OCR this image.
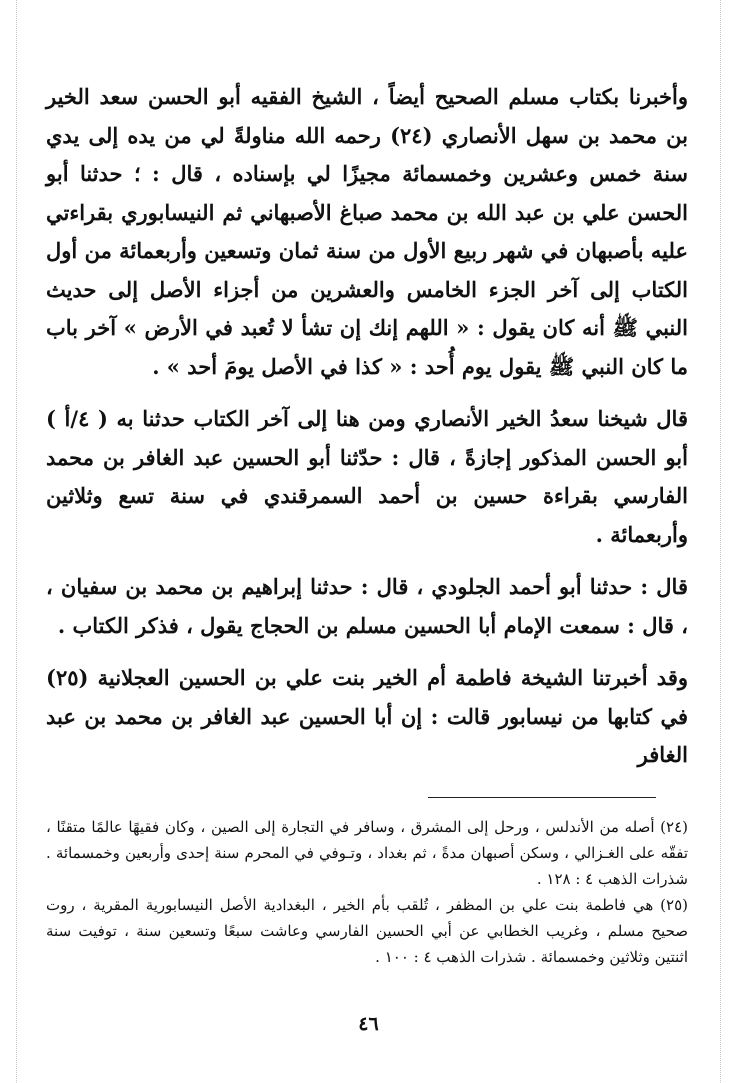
وأخبرنا بكتاب مسلم الصحيح أيضاً ، الشيخ الفقيه أبو الحسن سعد الخير بن محمد بن سهل الأنصاري (٢٤) رحمه الله مناولةً لي من يده إلى يدي سنة خمس وعشرين وخمسمائة مجيزًا لي بإسناده ، قال : ؛ حدثنا أبو الحسن علي بن عبد الله بن محمد صباغ الأصبهاني ثم النيسابوري بقراءتي عليه بأصبهان في شهر ربيع الأول من سنة ثمان وتسعين وأربعمائة من أول الكتاب إلى آخر الجزء الخامس والعشرين من أجزاء الأصل إلى حديث النبي ﷺ أنه كان يقول : « اللهم إنك إن تشأ لا تُعبد في الأرض » آخر باب ما كان النبي ﷺ يقول يوم أُحد : « كذا في الأصل يومَ أحد » .

قال شيخنا سعدُ الخير الأنصاري ومن هنا إلى آخر الكتاب حدثنا به ( ٤/أ ) أبو الحسن المذكور إجازةً ، قال : حدّثنا أبو الحسين عبد الغافر بن محمد الفارسي بقراءة حسين بن أحمد السمرقندي في سنة تسع وثلاثين وأربعمائة .

قال : حدثنا أبو أحمد الجلودي ، قال : حدثنا إبراهيم بن محمد بن سفيان ، ، قال : سمعت الإمام أبا الحسين مسلم بن الحجاج يقول ، فذكر الكتاب .

وقد أخبرتنا الشيخة فاطمة أم الخير بنت علي بن الحسين العجلانية (٢٥) في كتابها من نيسابور قالت : إن أبا الحسين عبد الغافر بن محمد بن عبد الغافر

(٢٤) أصله من الأندلس ، ورحل إلى المشرق ، وسافر في التجارة إلى الصين ، وكان فقيهًا عالمًا متقنًا ، تفقّه على الغـزالي ، وسكن أصبهان مدةً ، ثم بغداد ، وتـوفي في المحرم سنة إحدى وأربعين وخمسمائة . شذرات الذهب ٤ : ١٢٨ .

(٢٥) هي فاطمة بنت علي بن المظفر ، تُلقب بأم الخير ، البغدادية الأصل النيسابورية المقرية ، روت صحيح مسلم ، وغريب الخطابي عن أبي الحسين الفارسي وعاشت سبعًا وتسعين سنة ، توفيت سنة اثنتين وثلاثين وخمسمائة . شذرات الذهب ٤ : ١٠٠ .

٤٦
